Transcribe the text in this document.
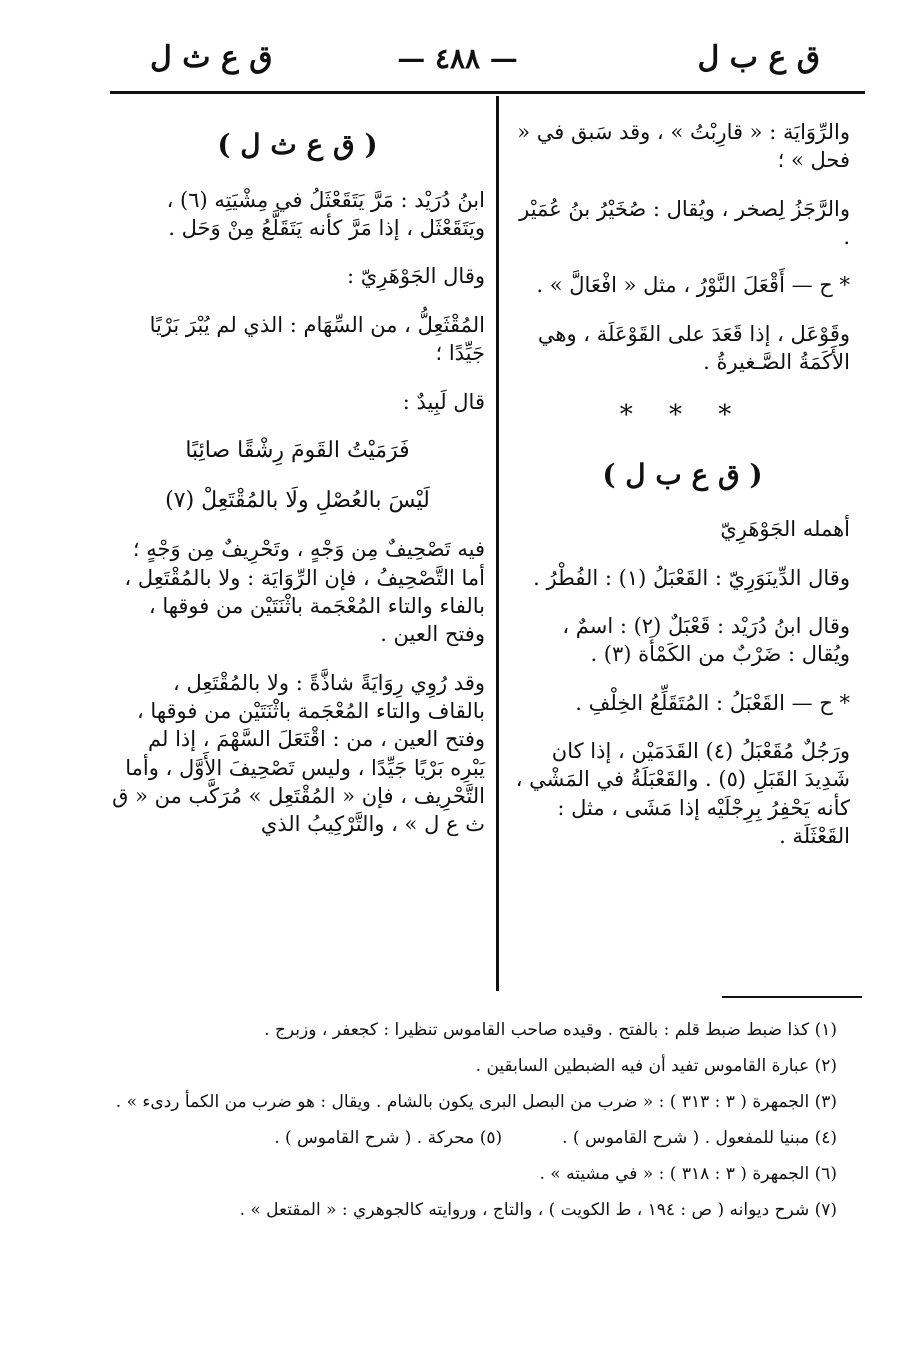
ق ع ب ل
— ٤٨٨ —
ق ع ث ل

والرِّوَايَة : « قارِبْتُ » ، وقد سَبق في « فحل » ؛

والرَّجَزُ لِصخر ، ويُقال : صُخَيْرُ بنُ عُمَيْر .

* ح — أَقْعَلَ النَّوْرُ ، مثل « افْعَالَّ » .

وقَوْعَل ، إذا قَعَدَ على القَوْعَلَة ، وهي الأَكَمَةُ الصَّـغيرةُ .

* * *

( ق ع ب ل )

أهمله الجَوْهَرِيّ

وقال الدِّينَوَرِيّ : القَعْبَلُ (١) : الفُطْرُ .

وقال ابنُ دُرَيْد : قَعْبَلٌ (٢) : اسمٌ ، ويُقال : ضَرْبٌ من الكَمْأَة (٣) .

* ح — القَعْبَلُ : المُتَقَلِّعُ الخِلْفِ .

ورَجُلٌ مُقَعْبَلُ (٤) القَدَمَيْن ، إذا كان شَدِيدَ القَبَلِ (٥) . والقَعْبَلَةُ في المَشْي ، كأنه يَحْفِرُ بِرِجْلَيْه إذا مَشَى ، مثل : القَعْثَلَة .

( ق ع ث ل )

ابنُ دُرَيْد : مَرَّ يَتَقَعْثَلُ في مِشْيَتِه (٦) ، ويَتَقَعْثَل ، إذا مَرَّ كأنه يَتَقَلَّعُ مِنْ وَحَل .

وقال الجَوْهَرِيّ :

المُقْثَعِلُّ ، من السِّهَام : الذي لم يُبْرَ بَرْيًا جَيِّدًا ؛

قال لَبِيدٌ :

فَرَمَيْتُ القَومَ رِشْقًا صائِبًا

لَيْسَ بالعُصْلِ ولَا بالمُقْتَعِلْ (٧)

فيه تَصْحِيفٌ مِن وَجْهٍ ، وتَحْرِيفٌ مِن وَجْهٍ ؛ أما التَّصْحِيفُ ، فإن الرِّوَايَة : ولا بالمُقْتَعِل ، بالفاء والتاء المُعْجَمة باثْنَتَيْن من فوقها ، وفتح العين .

وقد رُوِي رِوَايَةً شاذَّةً : ولا بالمُقْتَعِل ، بالقاف والتاء المُعْجَمة باثْنَتَيْن من فوقها ، وفتح العين ، من : اقْتَعَلَ السَّهْمَ ، إذا لم يَبْرِه بَرْيًا جَيِّدًا ، وليس تَصْحِيفَ الأَوَّل ، وأما التَّحْرِيف ، فإن « المُقْتَعِل » مُرَكَّب من « ق ث ع ل » ، والتَّرْكِيبُ الذي

(١) كذا ضبط ضبط قلم : بالفتح . وقيده صاحب القاموس تنظيرا : كجعفر ، وزبرج .

(٢) عبارة القاموس تفيد أن فيه الضبطين السابقين .

(٣) الجمهرة ( ٣ : ٣١٣ ) : « ضرب من البصل البرى يكون بالشام . ويقال : هو ضرب من الكمأ ردىء » .

(٤) مبنيا للمفعول . ( شرح القاموس ) .
(٥) محركة . ( شرح القاموس ) .

(٦) الجمهرة ( ٣ : ٣١٨ ) : « في مشيته » .

(٧) شرح ديوانه ( ص : ١٩٤ ، ط الكويت ) ، والتاج ، وروايته كالجوهري : « المقتعل » .
